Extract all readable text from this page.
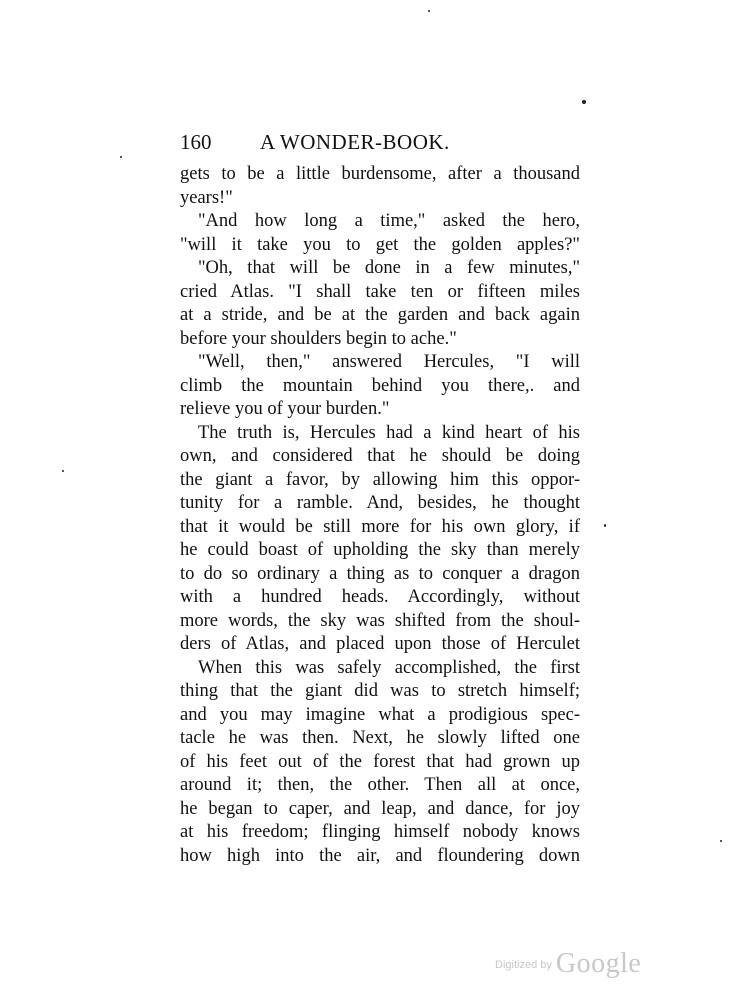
160 A WONDER-BOOK.
gets to be a little burdensome, after a thousand
years!"
"And how long a time," asked the hero,
"will it take you to get the golden apples?"
"Oh, that will be done in a few minutes,"
cried Atlas. "I shall take ten or fifteen miles
at a stride, and be at the garden and back again
before your shoulders begin to ache."
"Well, then," answered Hercules, "I will
climb the mountain behind you there,. and
relieve you of your burden."
The truth is, Hercules had a kind heart of his
own, and considered that he should be doing
the giant a favor, by allowing him this oppor-
tunity for a ramble. And, besides, he thought
that it would be still more for his own glory, if
he could boast of upholding the sky than merely
to do so ordinary a thing as to conquer a dragon
with a hundred heads. Accordingly, without
more words, the sky was shifted from the shoul-
ders of Atlas, and placed upon those of Herculet
When this was safely accomplished, the first
thing that the giant did was to stretch himself;
and you may imagine what a prodigious spec-
tacle he was then. Next, he slowly lifted one
of his feet out of the forest that had grown up
around it; then, the other. Then all at once,
he began to caper, and leap, and dance, for joy
at his freedom; flinging himself nobody knows
how high into the air, and floundering down
$^{Digitized by}$ Google
